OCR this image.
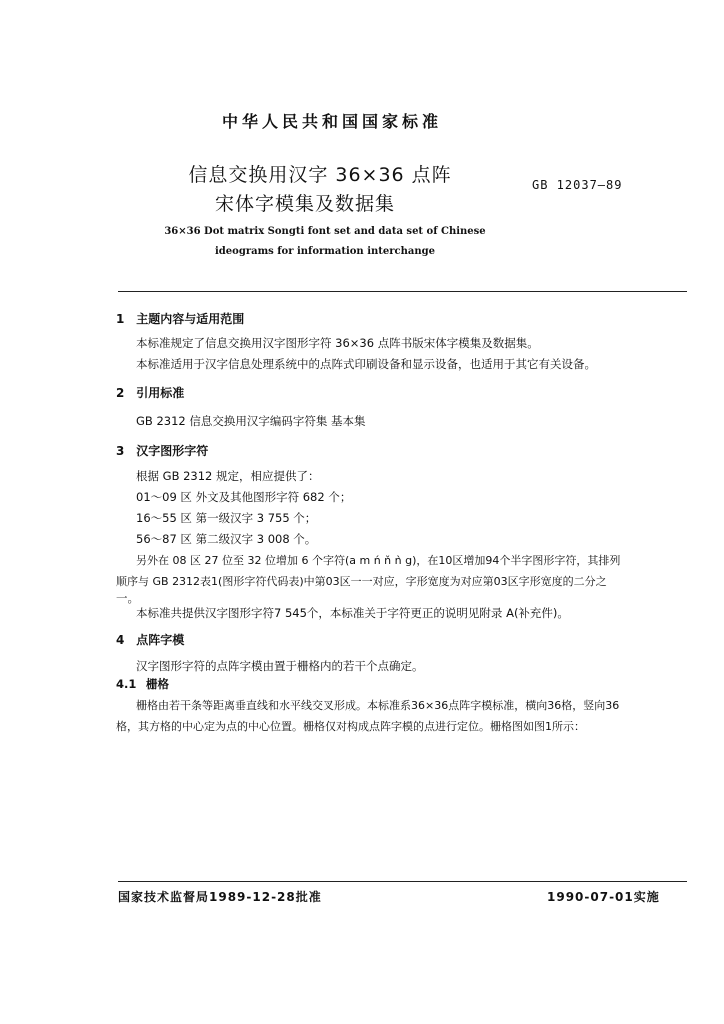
中华人民共和国国家标准
信息交换用汉字 36×36 点阵
宋体字模集及数据集
GB 12037—89
36×36 Dot matrix Songti font set and data set of Chinese
ideograms for information interchange
1 主题内容与适用范围
本标准规定了信息交换用汉字图形字符 36×36 点阵书版宋体字模集及数据集。
本标准适用于汉字信息处理系统中的点阵式印刷设备和显示设备，也适用于其它有关设备。
2 引用标准
GB 2312 信息交换用汉字编码字符集 基本集
3 汉字图形字符
根据 GB 2312 规定，相应提供了：
01～09 区 外文及其他图形字符 682 个；
16～55 区 第一级汉字 3 755 个；
56～87 区 第二级汉字 3 008 个。
另外在 08 区 27 位至 32 位增加 6 个字符(a m ń ň ǹ g)，在10区增加94个半字图形字符，其排列
顺序与 GB 2312表1(图形字符代码表)中第03区一一对应，字形宽度为对应第03区字形宽度的二分之
一。
本标准共提供汉字图形字符7 545个，本标准关于字符更正的说明见附录 A(补充件)。
4 点阵字模
汉字图形字符的点阵字模由置于栅格内的若干个点确定。
4.1 栅格
栅格由若干条等距离垂直线和水平线交叉形成。本标准系36×36点阵字模标准，横向36格，竖向36
格，其方格的中心定为点的中心位置。栅格仅对构成点阵字模的点进行定位。栅格图如图1所示：
国家技术监督局1989-12-28批准	1990-07-01实施
